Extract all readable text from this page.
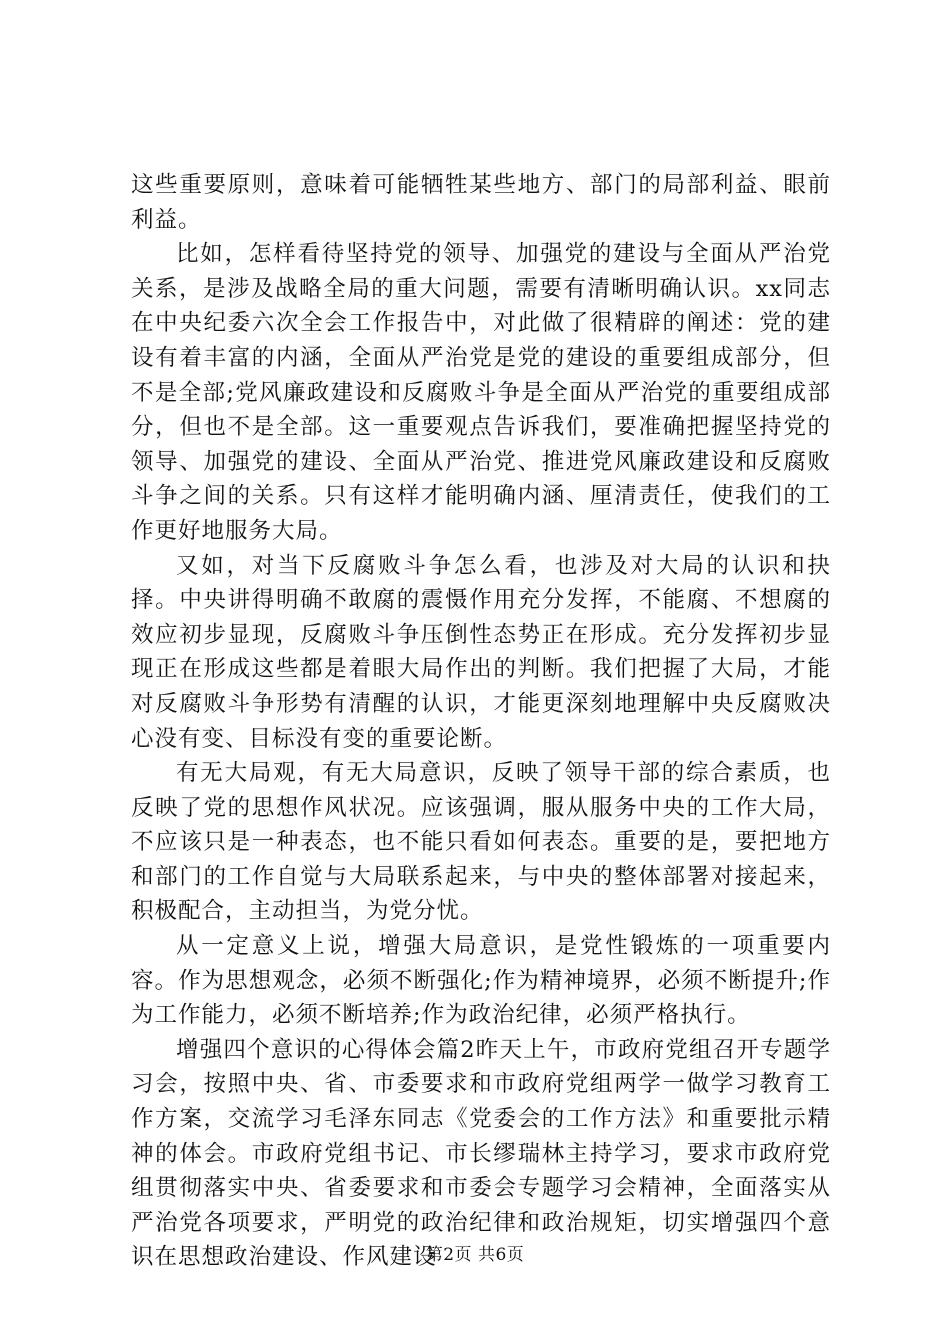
这些重要原则，意味着可能牺牲某些地方、部门的局部利益、眼前利益。

比如，怎样看待坚持党的领导、加强党的建设与全面从严治党关系，是涉及战略全局的重大问题，需要有清晰明确认识。xx同志在中央纪委六次全会工作报告中，对此做了很精辟的阐述：党的建设有着丰富的内涵，全面从严治党是党的建设的重要组成部分，但不是全部;党风廉政建设和反腐败斗争是全面从严治党的重要组成部分，但也不是全部。这一重要观点告诉我们，要准确把握坚持党的领导、加强党的建设、全面从严治党、推进党风廉政建设和反腐败斗争之间的关系。只有这样才能明确内涵、厘清责任，使我们的工作更好地服务大局。

又如，对当下反腐败斗争怎么看，也涉及对大局的认识和抉择。中央讲得明确不敢腐的震慑作用充分发挥，不能腐、不想腐的效应初步显现，反腐败斗争压倒性态势正在形成。充分发挥初步显现正在形成这些都是着眼大局作出的判断。我们把握了大局，才能对反腐败斗争形势有清醒的认识，才能更深刻地理解中央反腐败决心没有变、目标没有变的重要论断。

有无大局观，有无大局意识，反映了领导干部的综合素质，也反映了党的思想作风状况。应该强调，服从服务中央的工作大局，不应该只是一种表态，也不能只看如何表态。重要的是，要把地方和部门的工作自觉与大局联系起来，与中央的整体部署对接起来，积极配合，主动担当，为党分忧。

从一定意义上说，增强大局意识，是党性锻炼的一项重要内容。作为思想观念，必须不断强化;作为精神境界，必须不断提升;作为工作能力，必须不断培养;作为政治纪律，必须严格执行。

增强四个意识的心得体会篇2昨天上午，市政府党组召开专题学习会，按照中央、省、市委要求和市政府党组两学一做学习教育工作方案，交流学习毛泽东同志《党委会的工作方法》和重要批示精神的体会。市政府党组书记、市长缪瑞林主持学习，要求市政府党组贯彻落实中央、省委要求和市委会专题学习会精神，全面落实从严治党各项要求，严明党的政治纪律和政治规矩，切实增强四个意识在思想政治建设、作风建设

第2页 共6页
